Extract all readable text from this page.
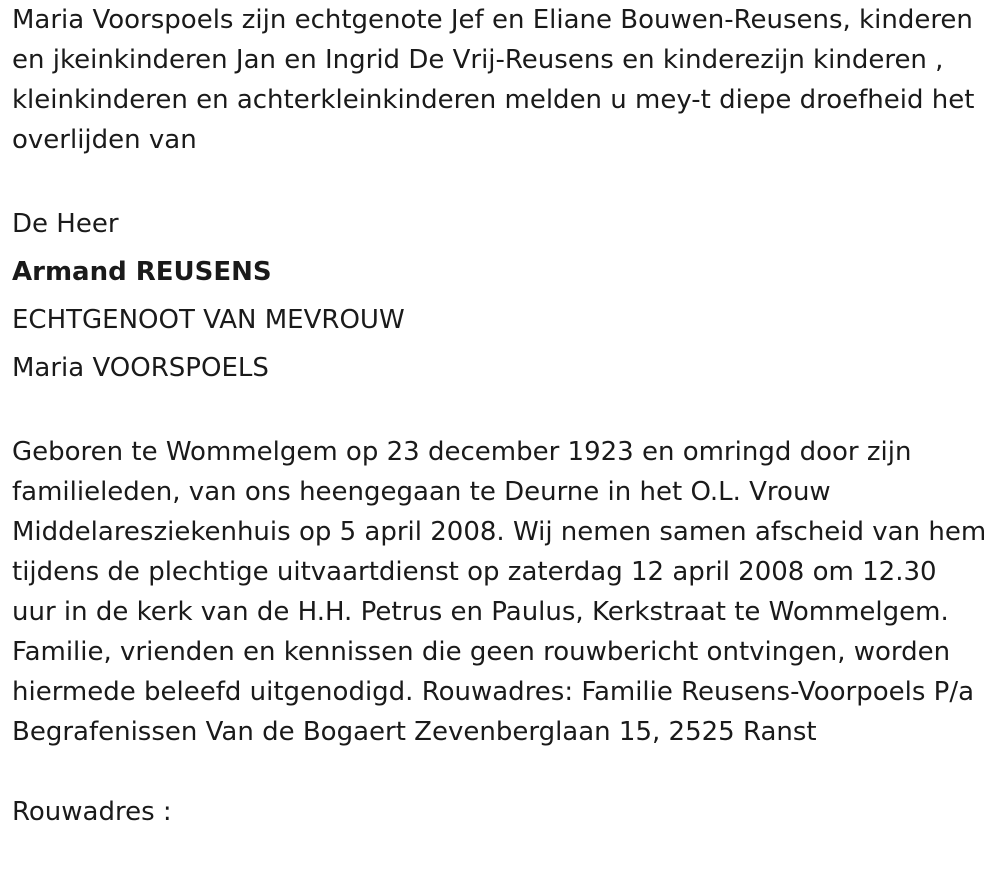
Maria Voorspoels zijn echtgenote Jef en Eliane Bouwen-Reusens, kinderen en jkeinkinderen Jan en Ingrid De Vrij-Reusens en kinderezijn kinderen , kleinkinderen en achterkleinkinderen melden u mey-t diepe droefheid het overlijden van

De Heer

Armand REUSENS

ECHTGENOOT VAN MEVROUW

Maria VOORSPOELS

Geboren te Wommelgem op 23 december 1923 en omringd door zijn familieleden, van ons heengegaan te Deurne in het O.L. Vrouw Middelaresziekenhuis op 5 april 2008. Wij nemen samen afscheid van hem tijdens de plechtige uitvaartdienst op zaterdag 12 april 2008 om 12.30 uur in de kerk van de H.H. Petrus en Paulus, Kerkstraat te Wommelgem. Familie, vrienden en kennissen die geen rouwbericht ontvingen, worden hiermede beleefd uitgenodigd. Rouwadres: Familie Reusens-Voorpoels P/a Begrafenissen Van de Bogaert Zevenberglaan 15, 2525 Ranst

Rouwadres :
